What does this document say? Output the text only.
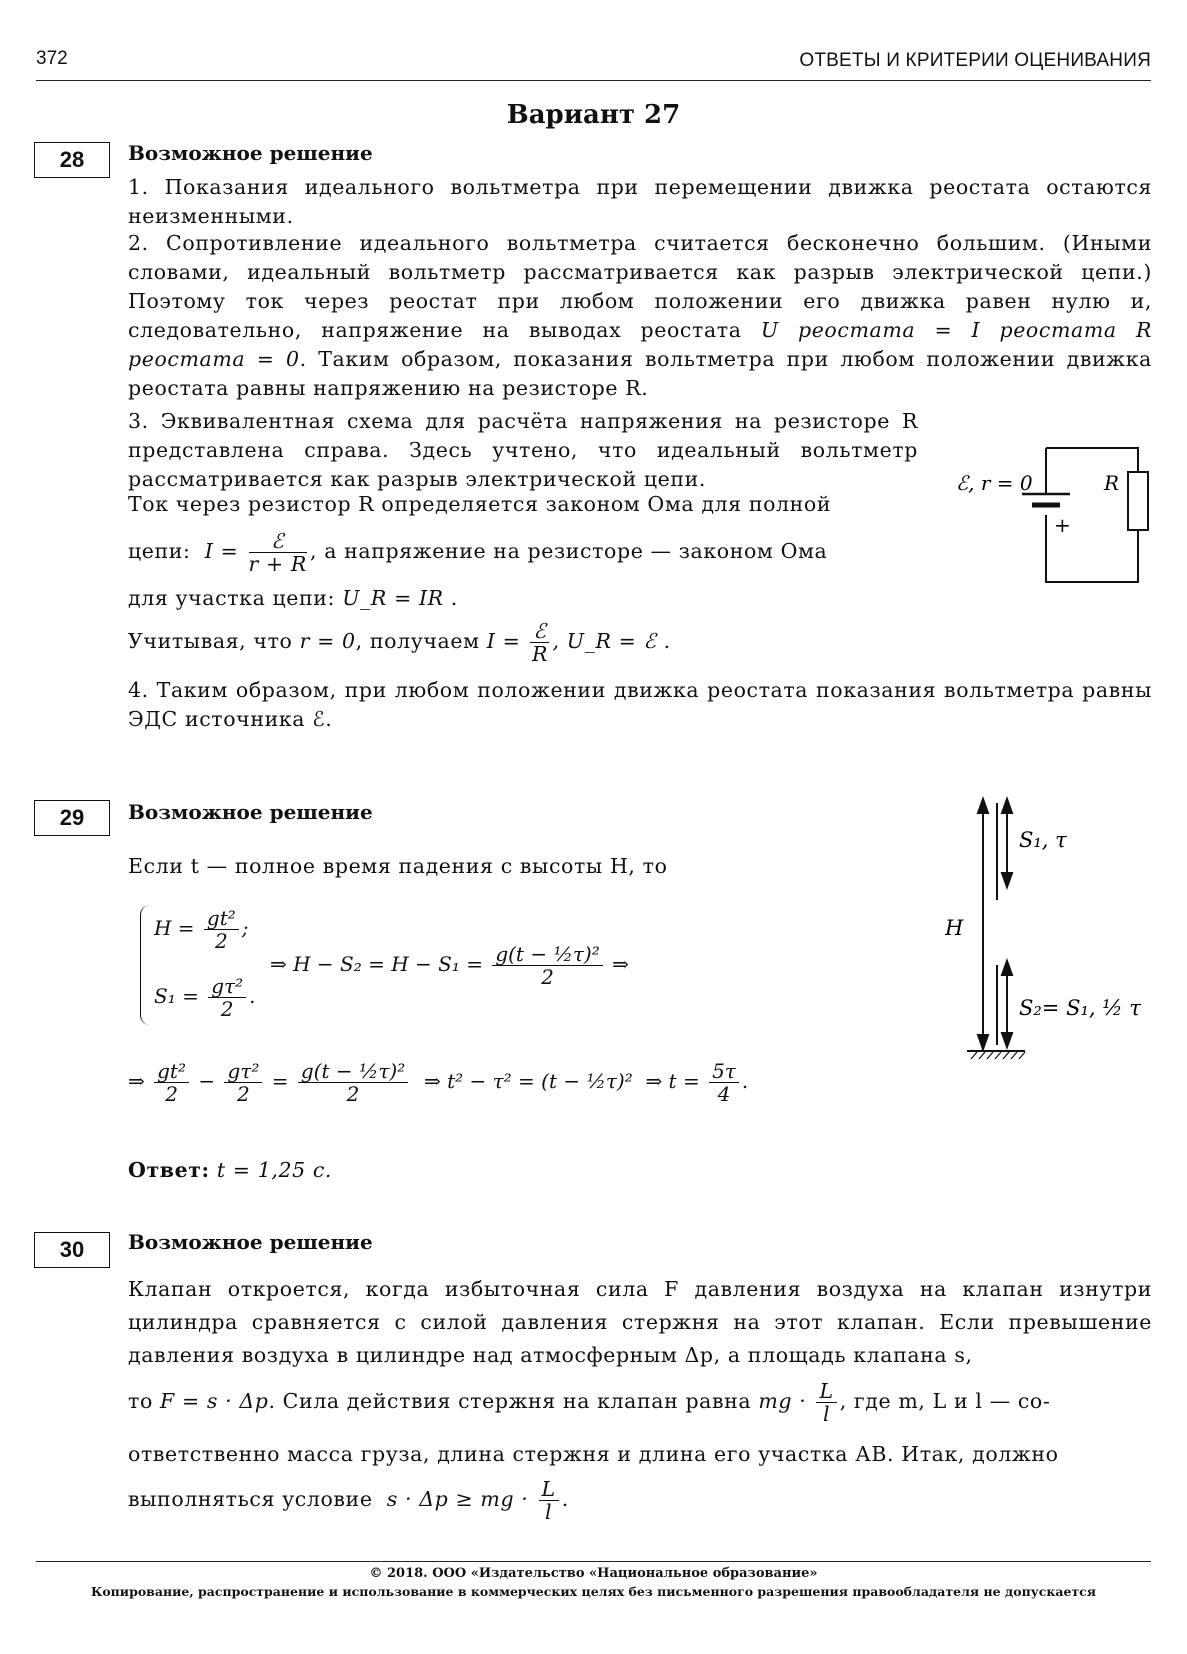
372	ОТВЕТЫ И КРИТЕРИИ ОЦЕНИВАНИЯ
Вариант 27
28	Возможное решение
1. Показания идеального вольтметра при перемещении движка реостата остаются неизменными.
2. Сопротивление идеального вольтметра считается бесконечно большим. (Иными словами, идеальный вольтметр рассматривается как разрыв электрической цепи.) Поэтому ток через реостат при любом положении его движка равен нулю и, следовательно, напряжение на выводах реостата U реостата = I реостата R реостата = 0. Таким образом, показания вольтметра при любом положении движка реостата равны напряжению на резисторе R.
3. Эквивалентная схема для расчёта напряжения на резисторе R представлена справа. Здесь учтено, что идеальный вольтметр рассматривается как разрыв электрической цепи.
Ток через резистор R определяется законом Ома для полной
цепи:  $I = \frac{\text{ℰ}}{r + R}$ , а напряжение на резисторе — законом Ома
для участка цепи: U_R = IR .
Учитывая, что r = 0, получаем $I = \frac{\text{ℰ}}{R}$ , U_R = ℰ .
4. Таким образом, при любом положении движка реостата показания вольтметра равны ЭДС источника ℰ.
ℰ, r = 0	R
+
29	Возможное решение
Если t — полное время падения с высоты H, то
$H = \frac{\text{gt²}}{2}$ ;
$S_1 = \frac{\text{gτ²}}{2}$ .
⇒ $H - S_2 = H - S_1 = \frac{\text{g(t − ½τ)²}}{2}$ ⇒
⇒ $\frac{\text{gt²}}{2} - \frac{\text{gτ²}}{2} = \frac{\text{g(t − ½τ)²}}{2}$ ⇒ t² − τ² = (t − ½τ)²  ⇒ $t = \frac{5\tau}{4}$ .
Ответ: t = 1,25 с.
H
S₁, τ
S₂= S₁, ½ τ
30	Возможное решение
Клапан откроется, когда избыточная сила F давления воздуха на клапан изнутри цилиндра сравняется с силой давления стержня на этот клапан. Если превышение давления воздуха в цилиндре над атмосферным Δp, а площадь клапана s,
то F = s · Δp. Сила действия стержня на клапан равна mg · $\frac{L}{l}$ , где m, L и l — со-
ответственно масса груза, длина стержня и длина его участка АВ. Итак, должно
выполняться условие  s · Δp ≥ mg · $\frac{L}{l}$ .
© 2018. ООО «Издательство «Национальное образование»
Копирование, распространение и использование в коммерческих целях без письменного разрешения правообладателя не допускается
